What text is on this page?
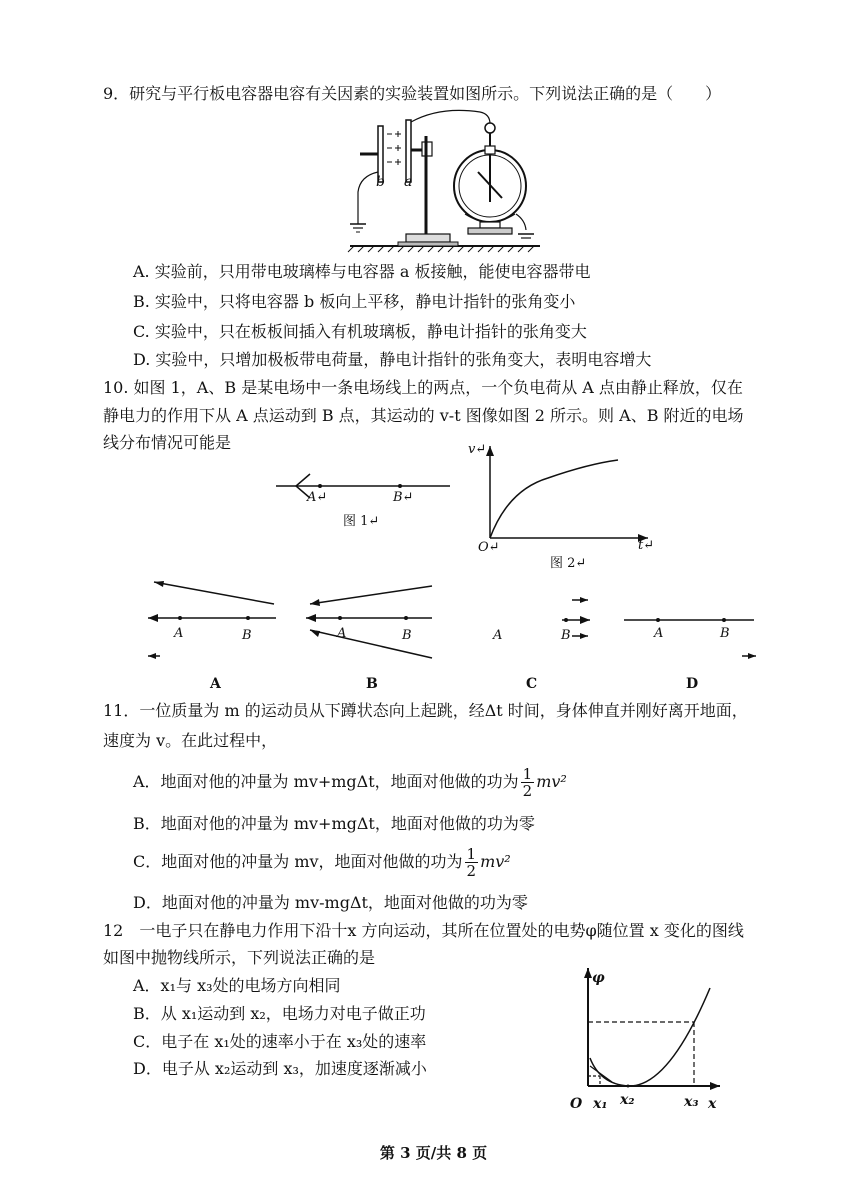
9．研究与平行板电容器电容有关因素的实验装置如图所示。下列说法正确的是（　　）
b a
A. 实验前，只用带电玻璃棒与电容器 a 板接触，能使电容器带电
B. 实验中，只将电容器 b 板向上平移，静电计指针的张角变小
C. 实验中，只在板板间插入有机玻璃板，静电计指针的张角变大
D. 实验中，只增加极板带电荷量，静电计指针的张角变大，表明电容增大
10. 如图 1，A、B 是某电场中一条电场线上的两点，一个负电荷从 A 点由静止释放，仅在
静电力的作用下从 A 点运动到 B 点，其运动的 v-t 图像如图 2 所示。则 A、B 附近的电场
线分布情况可能是
A↵	B↵
图 1↵
v↵
t↵
O↵
图 2↵
A	B
A
A	B
B
A	B
C
A	B
D
11．一位质量为 m 的运动员从下蹲状态向上起跳，经Δt 时间，身体伸直并刚好离开地面，
速度为 v。在此过程中，
A．地面对他的冲量为 mv+mgΔt，地面对他做的功为 $\frac{1}{2} mv^2$
B．地面对他的冲量为 mv+mgΔt，地面对他做的功为零
C．地面对他的冲量为 mv，地面对他做的功为 $\frac{1}{2} mv^2$
D．地面对他的冲量为 mv-mgΔt，地面对他做的功为零
12　一电子只在静电力作用下沿十x 方向运动，其所在位置处的电势φ随位置 x 变化的图线
如图中抛物线所示，下列说法正确的是
A．x₁与 x₃处的电场方向相同
B．从 x₁运动到 x₂，电场力对电子做正功
C．电子在 x₁处的速率小于在 x₃处的速率
D．电子从 x₂运动到 x₃，加速度逐渐减小
φ
O x₁ x₂	x₃ x
第 3 页/共 8 页
